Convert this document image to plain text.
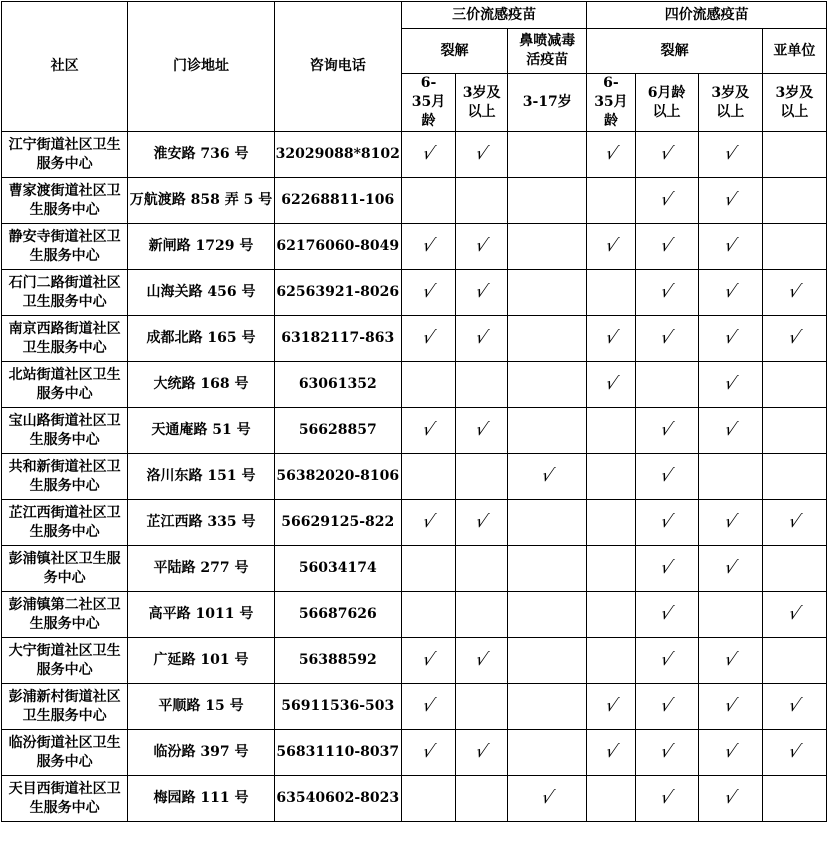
社区	门诊地址	咨询电话	三价流感疫苗			四价流感疫苗			
			裂解		鼻喷减毒活疫苗	裂解			亚单位
			6-35月龄	3岁及以上	3-17岁	6-35月龄	6月龄以上	3岁及以上	3岁及以上
江宁街道社区卫生服务中心	淮安路 736 号	32029088*8102	√	√		√	√	√	
曹家渡街道社区卫生服务中心	万航渡路 858 弄 5 号	62268811-106					√	√	
静安寺街道社区卫生服务中心	新闸路 1729 号	62176060-8049	√	√		√	√	√	
石门二路街道社区卫生服务中心	山海关路 456 号	62563921-8026	√	√			√	√	√
南京西路街道社区卫生服务中心	成都北路 165 号	63182117-863	√	√		√	√	√	√
北站街道社区卫生服务中心	大统路 168 号	63061352				√		√	
宝山路街道社区卫生服务中心	天通庵路 51 号	56628857	√	√			√	√	
共和新街道社区卫生服务中心	洛川东路 151 号	56382020-8106			√		√		
芷江西街道社区卫生服务中心	芷江西路 335 号	56629125-822	√	√			√	√	√
彭浦镇社区卫生服务中心	平陆路 277 号	56034174					√	√	
彭浦镇第二社区卫生服务中心	高平路 1011 号	56687626					√		√
大宁街道社区卫生服务中心	广延路 101 号	56388592	√	√			√	√	
彭浦新村街道社区卫生服务中心	平顺路 15 号	56911536-503	√			√	√	√	√
临汾街道社区卫生服务中心	临汾路 397 号	56831110-8037	√	√		√	√	√	√
天目西街道社区卫生服务中心	梅园路 111 号	63540602-8023			√		√	√	
